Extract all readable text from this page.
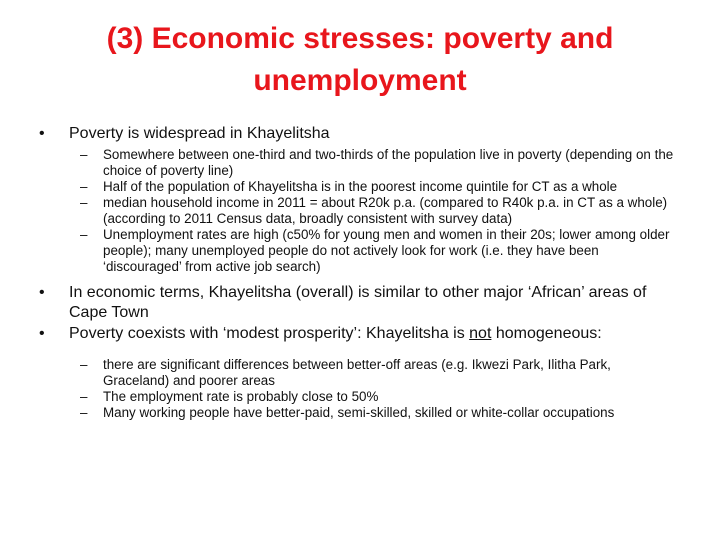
(3) Economic stresses: poverty and
unemployment
• Poverty is widespread in Khayelitsha
– Somewhere between one-third and two-thirds of the population live in poverty (depending on the choice of poverty line)
– Half of the population of Khayelitsha is in the poorest income quintile for CT as a whole
– median household income in 2011 = about R20k p.a. (compared to R40k p.a. in CT as a whole) (according to 2011 Census data, broadly consistent with survey data)
– Unemployment rates are high (c50% for young men and women in their 20s; lower among older people); many unemployed people do not actively look for work (i.e. they have been ‘discouraged’ from active job search)
• In economic terms, Khayelitsha (overall) is similar to other major ‘African’ areas of Cape Town
• Poverty coexists with ‘modest prosperity’: Khayelitsha is not homogeneous:
– there are significant differences between better-off areas (e.g. Ikwezi Park, Ilitha Park, Graceland) and poorer areas
– The employment rate is probably close to 50%
– Many working people have better-paid, semi-skilled, skilled or white-collar occupations
